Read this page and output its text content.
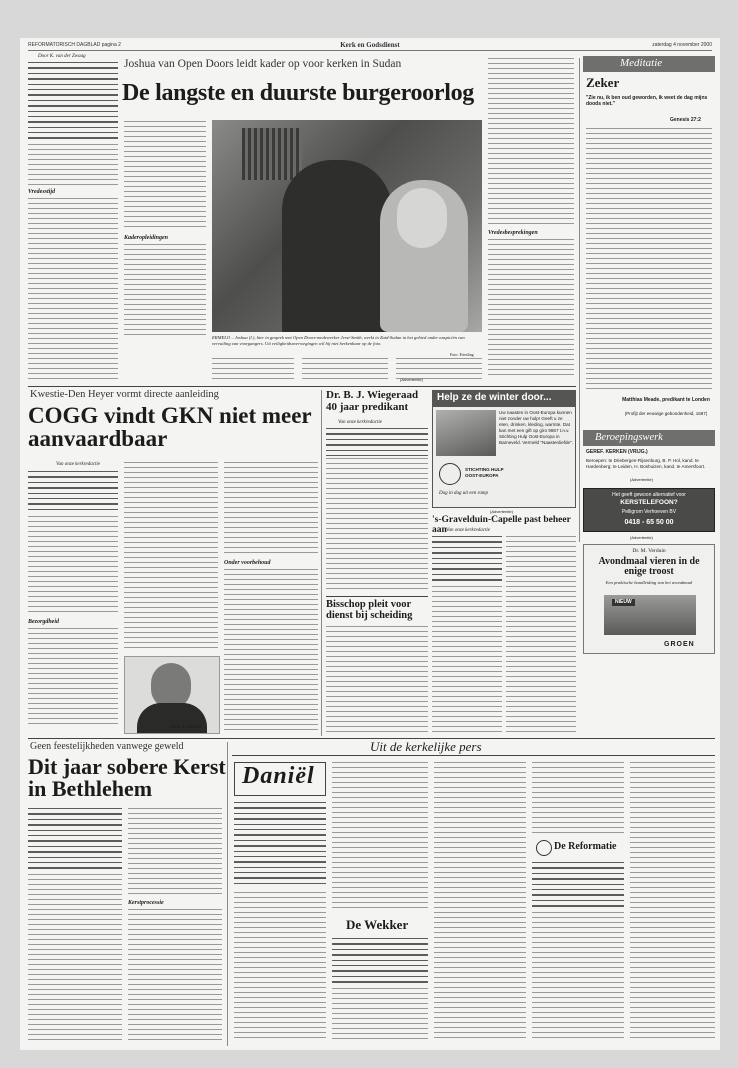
REFORMATORISCH DAGBLAD pagina 2	Kerk en Godsdienst	zaterdag 4 november 2000
Door K. van der Zwaag
Vredesstijd
Joshua van Open Doors leidt kader op voor kerken in Sudan
De langste en duurste burgeroorlog
Kaderopleidingen
ERMELO – Joshua (l.), hier in gesprek met Open Doors-medewerker Jerst-Smith, werkt in Zuid-Sudan in het gebied onder auspiciën van vervuiling van voorgangers. Uit veiligheidsoverwegingen wil hij niet herkenbaar op de foto.
Foto: Friesling
Vredesbesprekingen
(Advertentie)
Meditatie
Zeker
"Zie nu, ik ben oud geworden, ik weet de dag mijns doods niet."
Genesis 27:2
Matthias Meade, predikant te Londen
(Profijt der eeuwige gebondenheid, 1687)
Beroepingswerk
GEREF. KERKEN (VRIJG.)
Beroepen: te Driebergen-Rijsenburg, B. P. Hol, kand. te Hardenberg; te Leiden, H. Boshuizen, kand. te Amersfoort.
(Advertentie)
Het geeft gewoon alternatief voor
KERSTELEFOON?
Pelligrom Verhoeven BV
0418 - 65 50 00
(Advertentie)
Dr. M. Verduin
Avondmaal vieren in de enige troost
Een praktische handleiding van het avondmaal
NIEUW
GROEN
Kwestie-Den Heyer vormt directe aanleiding
COGG vindt GKN niet meer aanvaardbaar
Van onze kerkredactie
Bezorgdheid
Onder voorbehoud
DRS. C. BLEEK
Dr. B. J. Wiegeraad 40 jaar predikant
Van onze kerkredactie
Bisschop pleit voor dienst bij scheiding
Help ze de winter door...
Uw naasten in Oost-Europa kunnen niet zonder uw hulp! Geeft u ze eten, drinken, kleding, warmte. Dat kan met een gift op giro 9867 t.n.v. Stichting Hulp Oost-Europa in Barneveld. Vermeld "Naastenliefde".
STICHTING HULP OOST-EUROPA
Dag in dag uit een ramp
(Advertentie)
's-Gravelduin-Capelle past beheer aan Van onze kerkredactie
Geen feestelijkheden vanwege geweld
Dit jaar sobere Kerst in Bethlehem
Kerstprocessie
Uit de kerkelijke pers
Daniël
De Wekker
De Reformatie
